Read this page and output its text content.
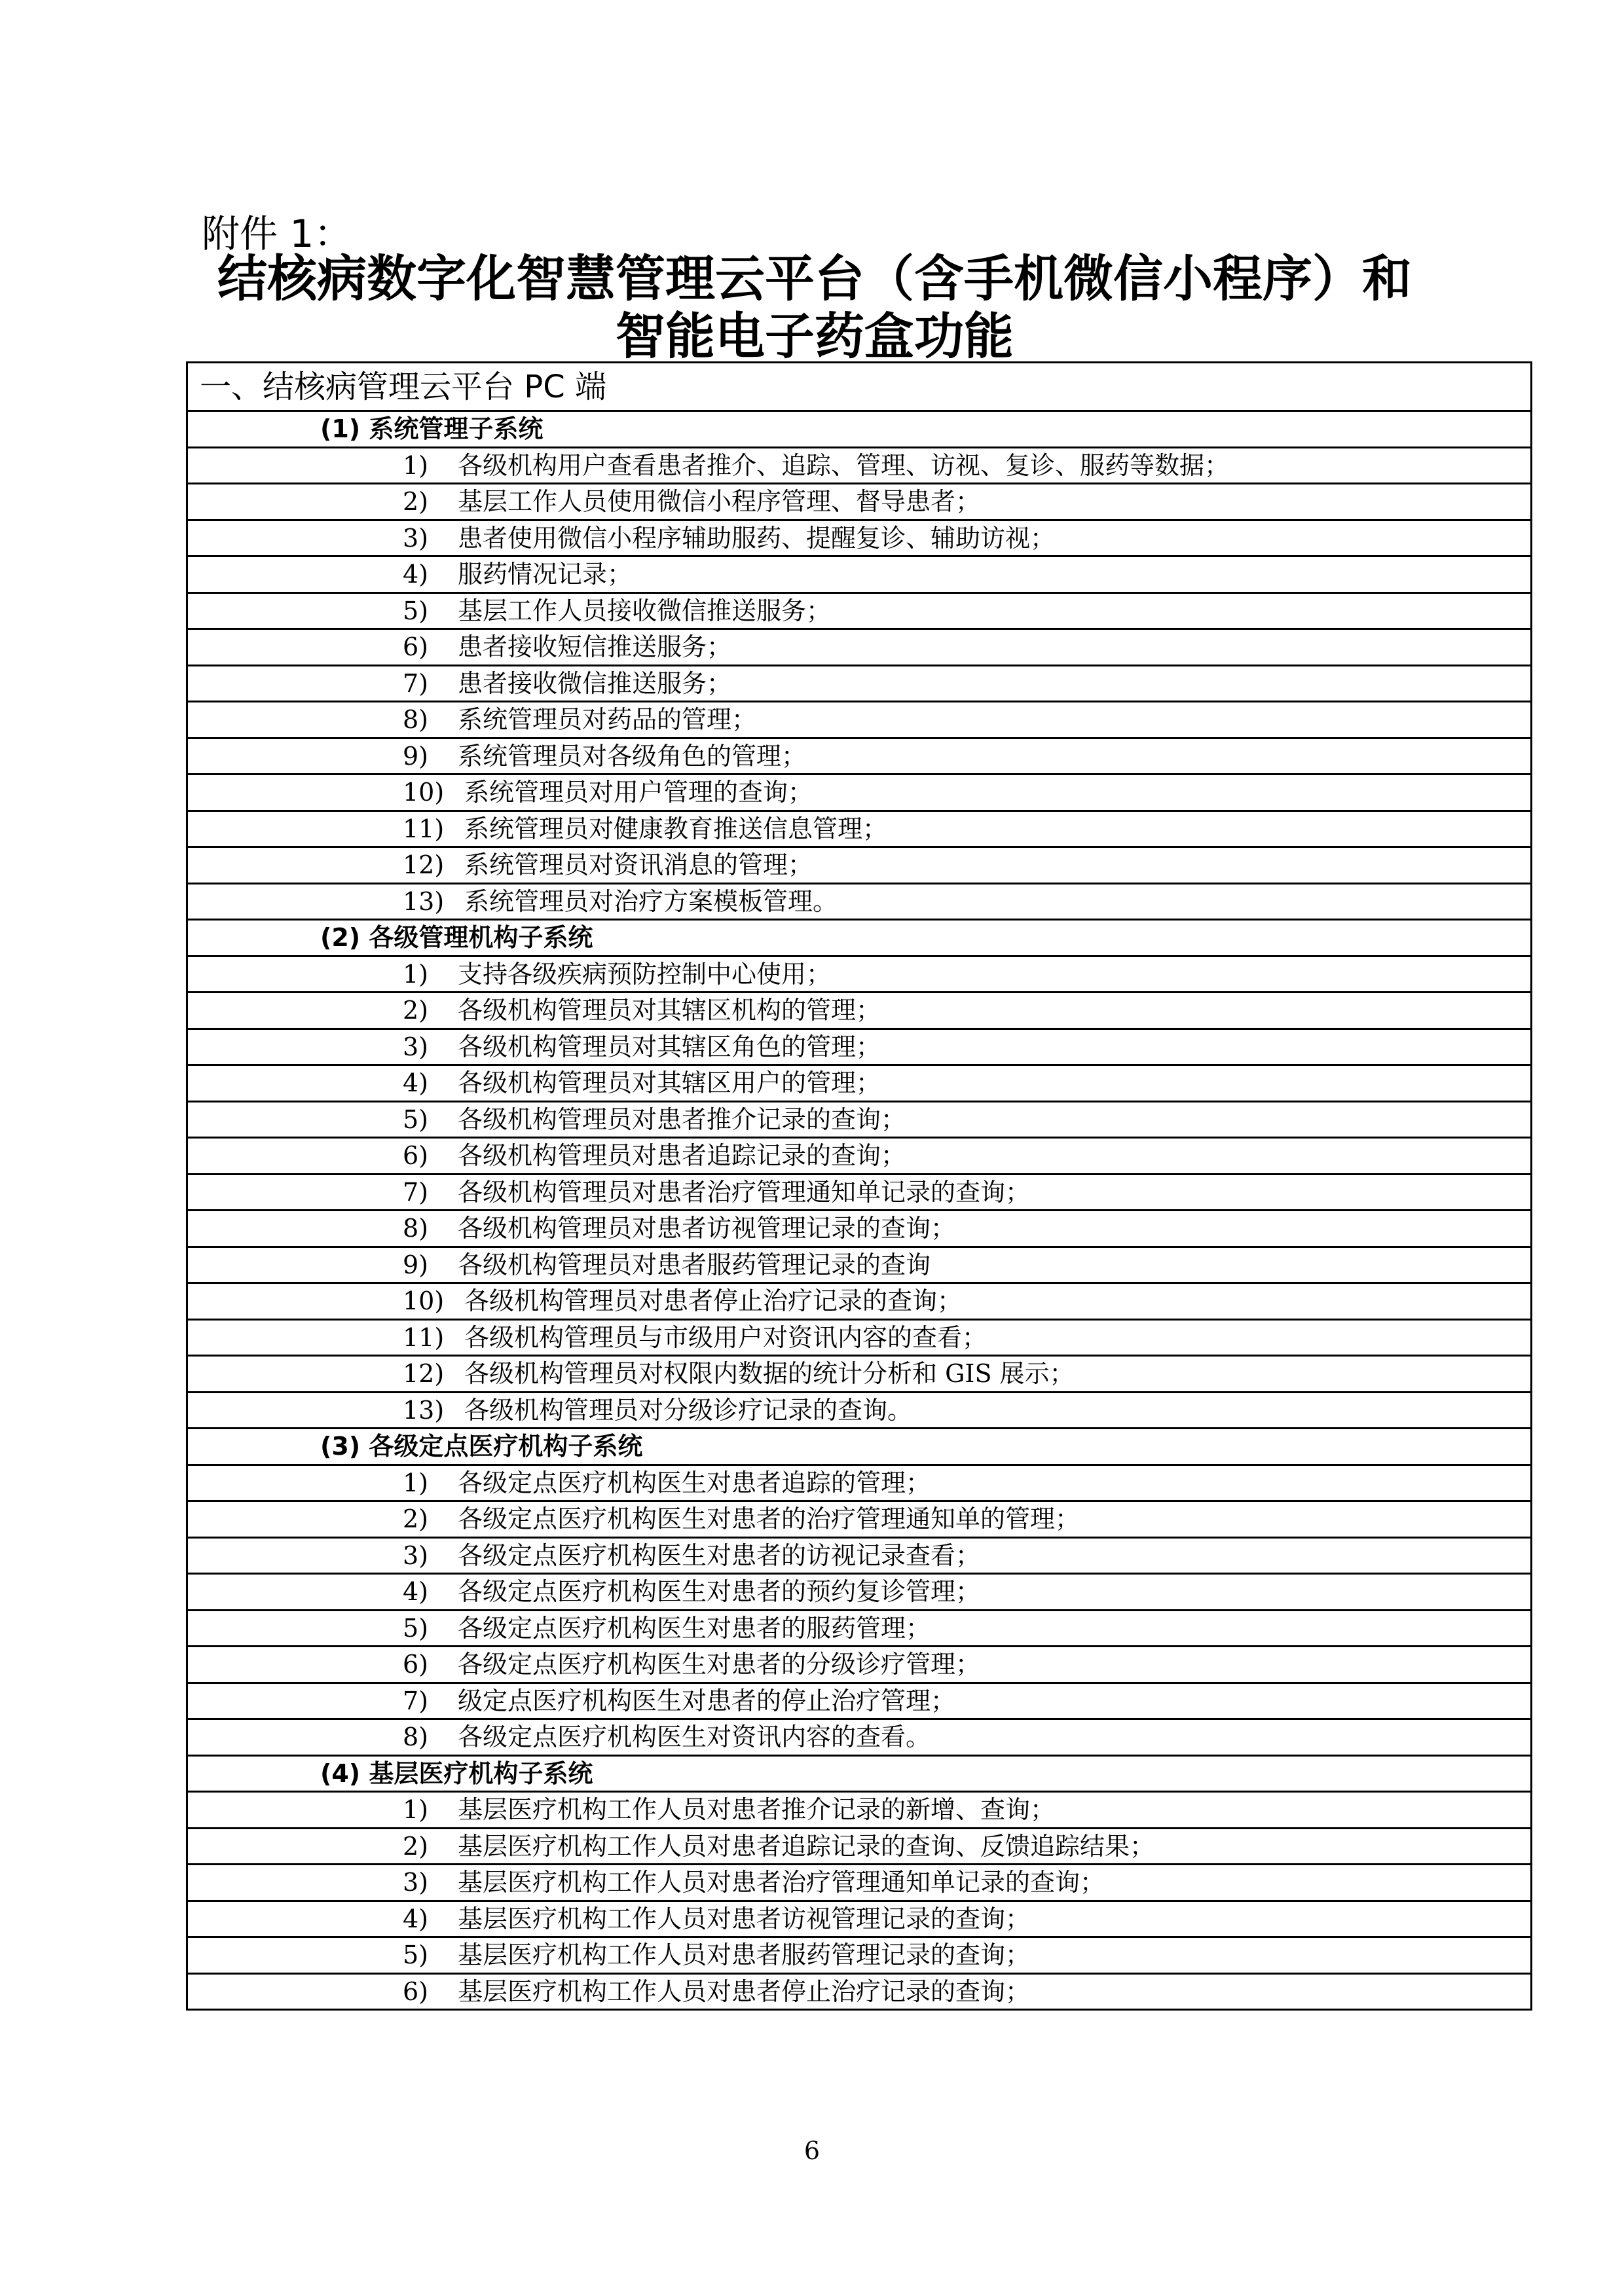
附件 1：
结核病数字化智慧管理云平台（含手机微信小程序）和
智能电子药盒功能
一、结核病管理云平台 PC 端
(1) 系统管理子系统
1) 各级机构用户查看患者推介、追踪、管理、访视、复诊、服药等数据；
2) 基层工作人员使用微信小程序管理、督导患者；
3) 患者使用微信小程序辅助服药、提醒复诊、辅助访视；
4) 服药情况记录；
5) 基层工作人员接收微信推送服务；
6) 患者接收短信推送服务；
7) 患者接收微信推送服务；
8) 系统管理员对药品的管理；
9) 系统管理员对各级角色的管理；
10) 系统管理员对用户管理的查询；
11) 系统管理员对健康教育推送信息管理；
12) 系统管理员对资讯消息的管理；
13) 系统管理员对治疗方案模板管理。
(2) 各级管理机构子系统
1) 支持各级疾病预防控制中心使用；
2) 各级机构管理员对其辖区机构的管理；
3) 各级机构管理员对其辖区角色的管理；
4) 各级机构管理员对其辖区用户的管理；
5) 各级机构管理员对患者推介记录的查询；
6) 各级机构管理员对患者追踪记录的查询；
7) 各级机构管理员对患者治疗管理通知单记录的查询；
8) 各级机构管理员对患者访视管理记录的查询；
9) 各级机构管理员对患者服药管理记录的查询
10) 各级机构管理员对患者停止治疗记录的查询；
11) 各级机构管理员与市级用户对资讯内容的查看；
12) 各级机构管理员对权限内数据的统计分析和 GIS 展示；
13) 各级机构管理员对分级诊疗记录的查询。
(3) 各级定点医疗机构子系统
1) 各级定点医疗机构医生对患者追踪的管理；
2) 各级定点医疗机构医生对患者的治疗管理通知单的管理；
3) 各级定点医疗机构医生对患者的访视记录查看；
4) 各级定点医疗机构医生对患者的预约复诊管理；
5) 各级定点医疗机构医生对患者的服药管理；
6) 各级定点医疗机构医生对患者的分级诊疗管理；
7) 级定点医疗机构医生对患者的停止治疗管理；
8) 各级定点医疗机构医生对资讯内容的查看。
(4) 基层医疗机构子系统
1) 基层医疗机构工作人员对患者推介记录的新增、查询；
2) 基层医疗机构工作人员对患者追踪记录的查询、反馈追踪结果；
3) 基层医疗机构工作人员对患者治疗管理通知单记录的查询；
4) 基层医疗机构工作人员对患者访视管理记录的查询；
5) 基层医疗机构工作人员对患者服药管理记录的查询；
6) 基层医疗机构工作人员对患者停止治疗记录的查询；
6
